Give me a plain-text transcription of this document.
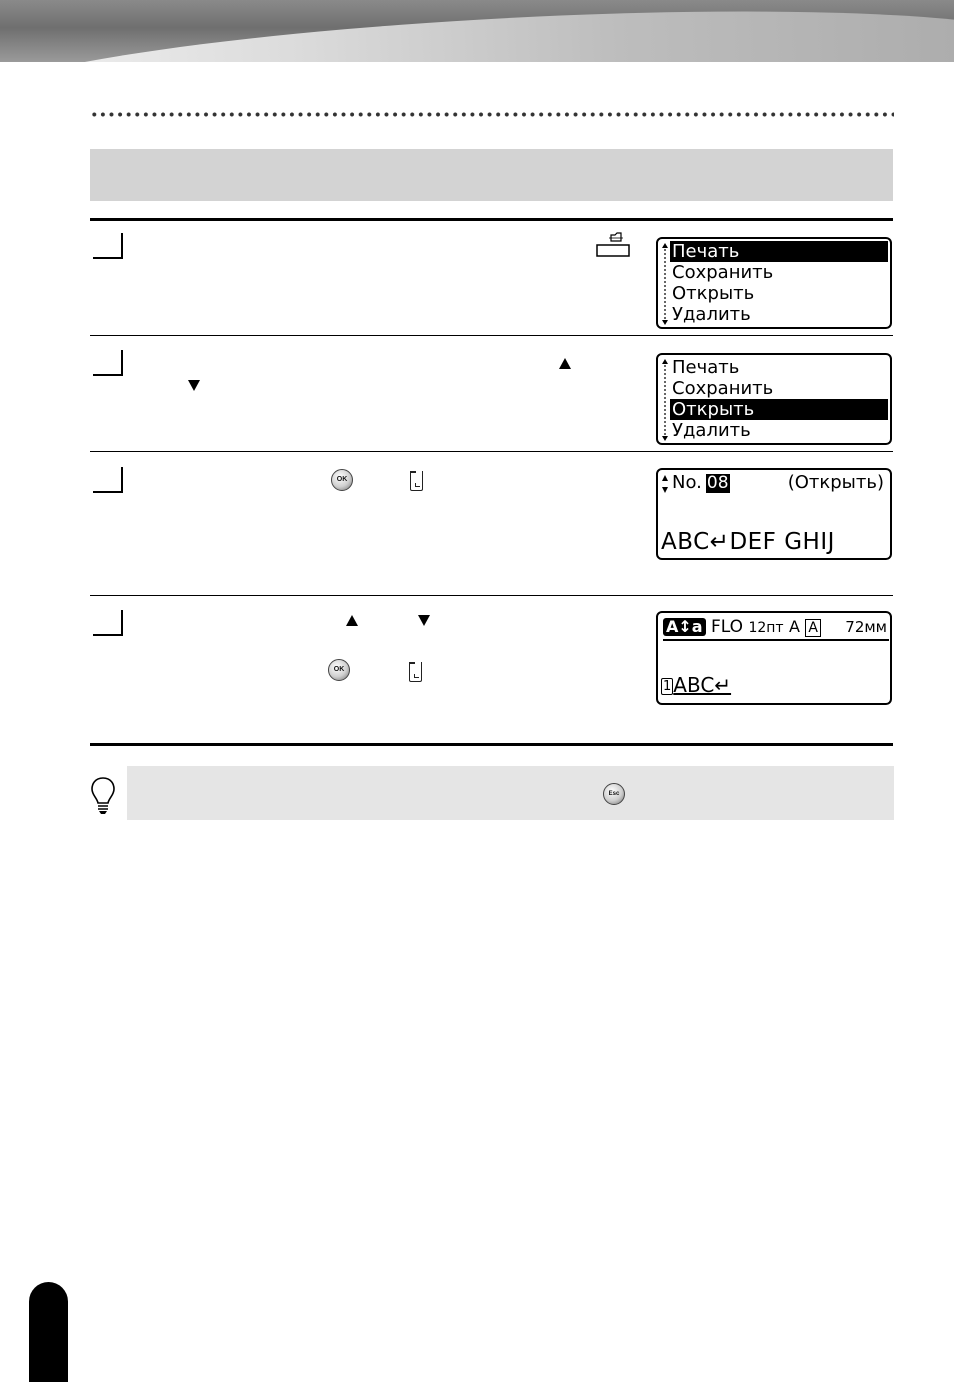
OK
OK
Печать
Сохранить
Открыть
Удалить
Печать
Сохранить
Открыть
Удалить
No. 08	(Открыть)
ABC↵DEF GHIJ
A↕a FLO 12пт A A 72мм
1 ABC↵
Esc
